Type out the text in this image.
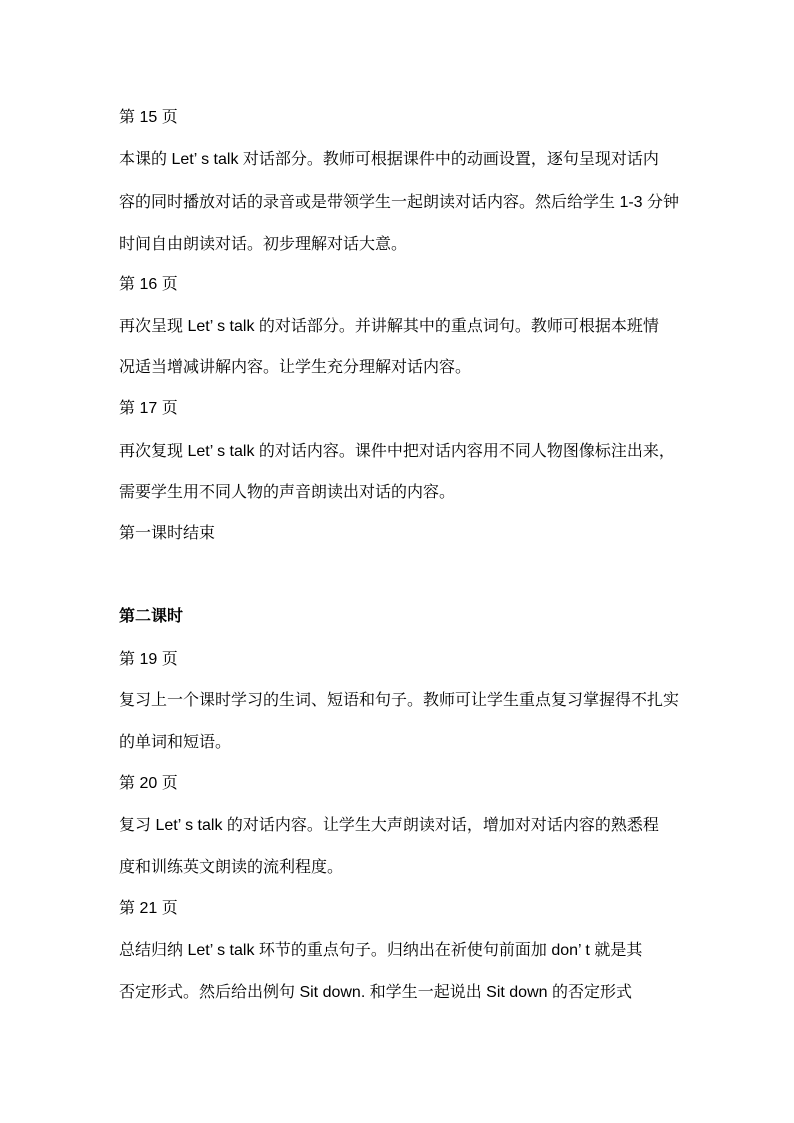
第 15 页
本课的 Let’ s talk 对话部分。教师可根据课件中的动画设置，逐句呈现对话内
容的同时播放对话的录音或是带领学生一起朗读对话内容。然后给学生 1-3 分钟
时间自由朗读对话。初步理解对话大意。
第 16 页
再次呈现 Let’ s talk 的对话部分。并讲解其中的重点词句。教师可根据本班情
况适当增减讲解内容。让学生充分理解对话内容。
第 17 页
再次复现 Let’ s talk 的对话内容。课件中把对话内容用不同人物图像标注出来，
需要学生用不同人物的声音朗读出对话的内容。
第一课时结束
第二课时
第 19 页
复习上一个课时学习的生词、短语和句子。教师可让学生重点复习掌握得不扎实
的单词和短语。
第 20 页
复习 Let’ s talk 的对话内容。让学生大声朗读对话，增加对对话内容的熟悉程
度和训练英文朗读的流利程度。
第 21 页
总结归纳 Let’ s talk 环节的重点句子。归纳出在祈使句前面加 don’ t 就是其
否定形式。然后给出例句 Sit down. 和学生一起说出 Sit down 的否定形式
